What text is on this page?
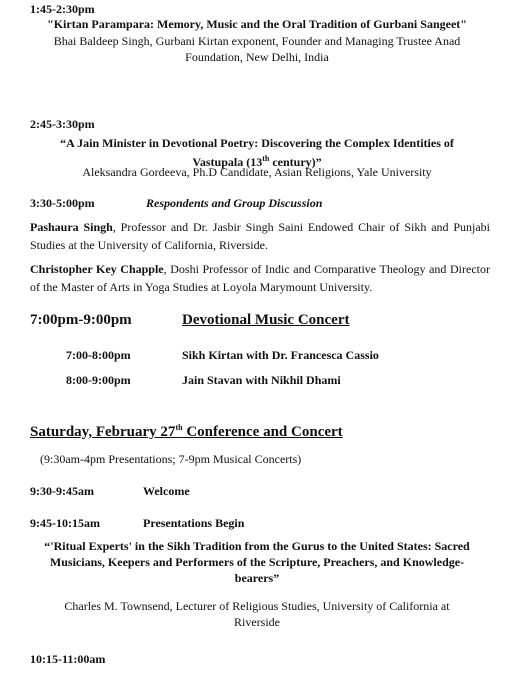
1:45-2:30pm
"Kirtan Parampara: Memory, Music and the Oral Tradition of Gurbani Sangeet"
Bhai Baldeep Singh, Gurbani Kirtan exponent, Founder and Managing Trustee Anad
Foundation, New Delhi, India
2:45-3:30pm
“A Jain Minister in Devotional Poetry: Discovering the Complex Identities of
Vastupala (13th century)”
Aleksandra Gordeeva, Ph.D Candidate, Asian Religions, Yale University
3:30-5:00pm	Respondents and Group Discussion
Pashaura Singh, Professor and Dr. Jasbir Singh Saini Endowed Chair of Sikh and Punjabi Studies at the University of California, Riverside.
Christopher Key Chapple, Doshi Professor of Indic and Comparative Theology and Director of the Master of Arts in Yoga Studies at Loyola Marymount University.
7:00pm-9:00pm	Devotional Music Concert
7:00-8:00pm	Sikh Kirtan with Dr. Francesca Cassio
8:00-9:00pm	Jain Stavan with Nikhil Dhami
Saturday, February 27th Conference and Concert
(9:30am-4pm Presentations; 7-9pm Musical Concerts)
9:30-9:45am	Welcome
9:45-10:15am	Presentations Begin
“'Ritual Experts' in the Sikh Tradition from the Gurus to the United States: Sacred
Musicians, Keepers and Performers of the Scripture, Preachers, and Knowledge-
bearers”
Charles M. Townsend, Lecturer of Religious Studies, University of California at
Riverside
10:15-11:00am
